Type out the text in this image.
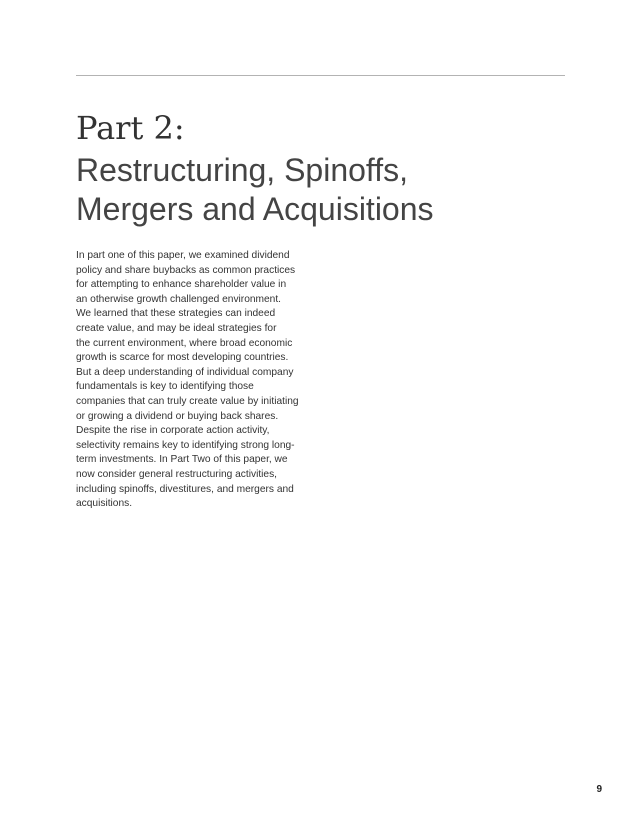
Part 2:
Restructuring, Spinoffs,
Mergers and Acquisitions
In part one of this paper, we examined dividend
policy and share buybacks as common practices
for attempting to enhance shareholder value in
an otherwise growth challenged environment.
We learned that these strategies can indeed
create value, and may be ideal strategies for
the current environment, where broad economic
growth is scarce for most developing countries.
But a deep understanding of individual company
fundamentals is key to identifying those
companies that can truly create value by initiating
or growing a dividend or buying back shares.
Despite the rise in corporate action activity,
selectivity remains key to identifying strong long-
term investments. In Part Two of this paper, we
now consider general restructuring activities,
including spinoffs, divestitures, and mergers and
acquisitions.
9
